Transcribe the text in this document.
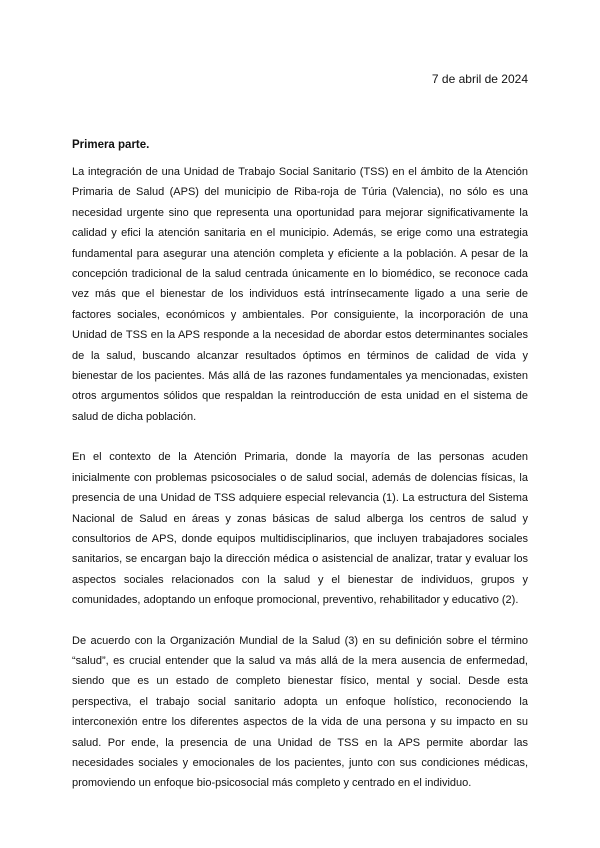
7 de abril de 2024

Primera parte.

La integración de una Unidad de Trabajo Social Sanitario (TSS) en el ámbito de la Atención Primaria de Salud (APS) del municipio de Riba-roja de Túria (Valencia), no sólo es una necesidad urgente sino que representa una oportunidad para mejorar significativamente la calidad y efici la atención sanitaria en el municipio. Además, se erige como una estrategia fundamental para asegurar una atención completa y eficiente a la población. A pesar de la concepción tradicional de la salud centrada únicamente en lo biomédico, se reconoce cada vez más que el bienestar de los individuos está intrínsecamente ligado a una serie de factores sociales, económicos y ambientales. Por consiguiente, la incorporación de una Unidad de TSS en la APS responde a la necesidad de abordar estos determinantes sociales de la salud, buscando alcanzar resultados óptimos en términos de calidad de vida y bienestar de los pacientes. Más allá de las razones fundamentales ya mencionadas, existen otros argumentos sólidos que respaldan la reintroducción de esta unidad en el sistema de salud de dicha población.

En el contexto de la Atención Primaria, donde la mayoría de las personas acuden inicialmente con problemas psicosociales o de salud social, además de dolencias físicas, la presencia de una Unidad de TSS adquiere especial relevancia (1). La estructura del Sistema Nacional de Salud en áreas y zonas básicas de salud alberga los centros de salud y consultorios de APS, donde equipos multidisciplinarios, que incluyen trabajadores sociales sanitarios, se encargan bajo la dirección médica o asistencial de analizar, tratar y evaluar los aspectos sociales relacionados con la salud y el bienestar de individuos, grupos y comunidades, adoptando un enfoque promocional, preventivo, rehabilitador y educativo (2).

De acuerdo con la Organización Mundial de la Salud (3) en su definición sobre el término “salud”, es crucial entender que la salud va más allá de la mera ausencia de enfermedad, siendo que es un estado de completo bienestar físico, mental y social. Desde esta perspectiva, el trabajo social sanitario adopta un enfoque holístico, reconociendo la interconexión entre los diferentes aspectos de la vida de una persona y su impacto en su salud. Por ende, la presencia de una Unidad de TSS en la APS permite abordar las necesidades sociales y emocionales de los pacientes, junto con sus condiciones médicas, promoviendo un enfoque bio-psicosocial más completo y centrado en el individuo.
